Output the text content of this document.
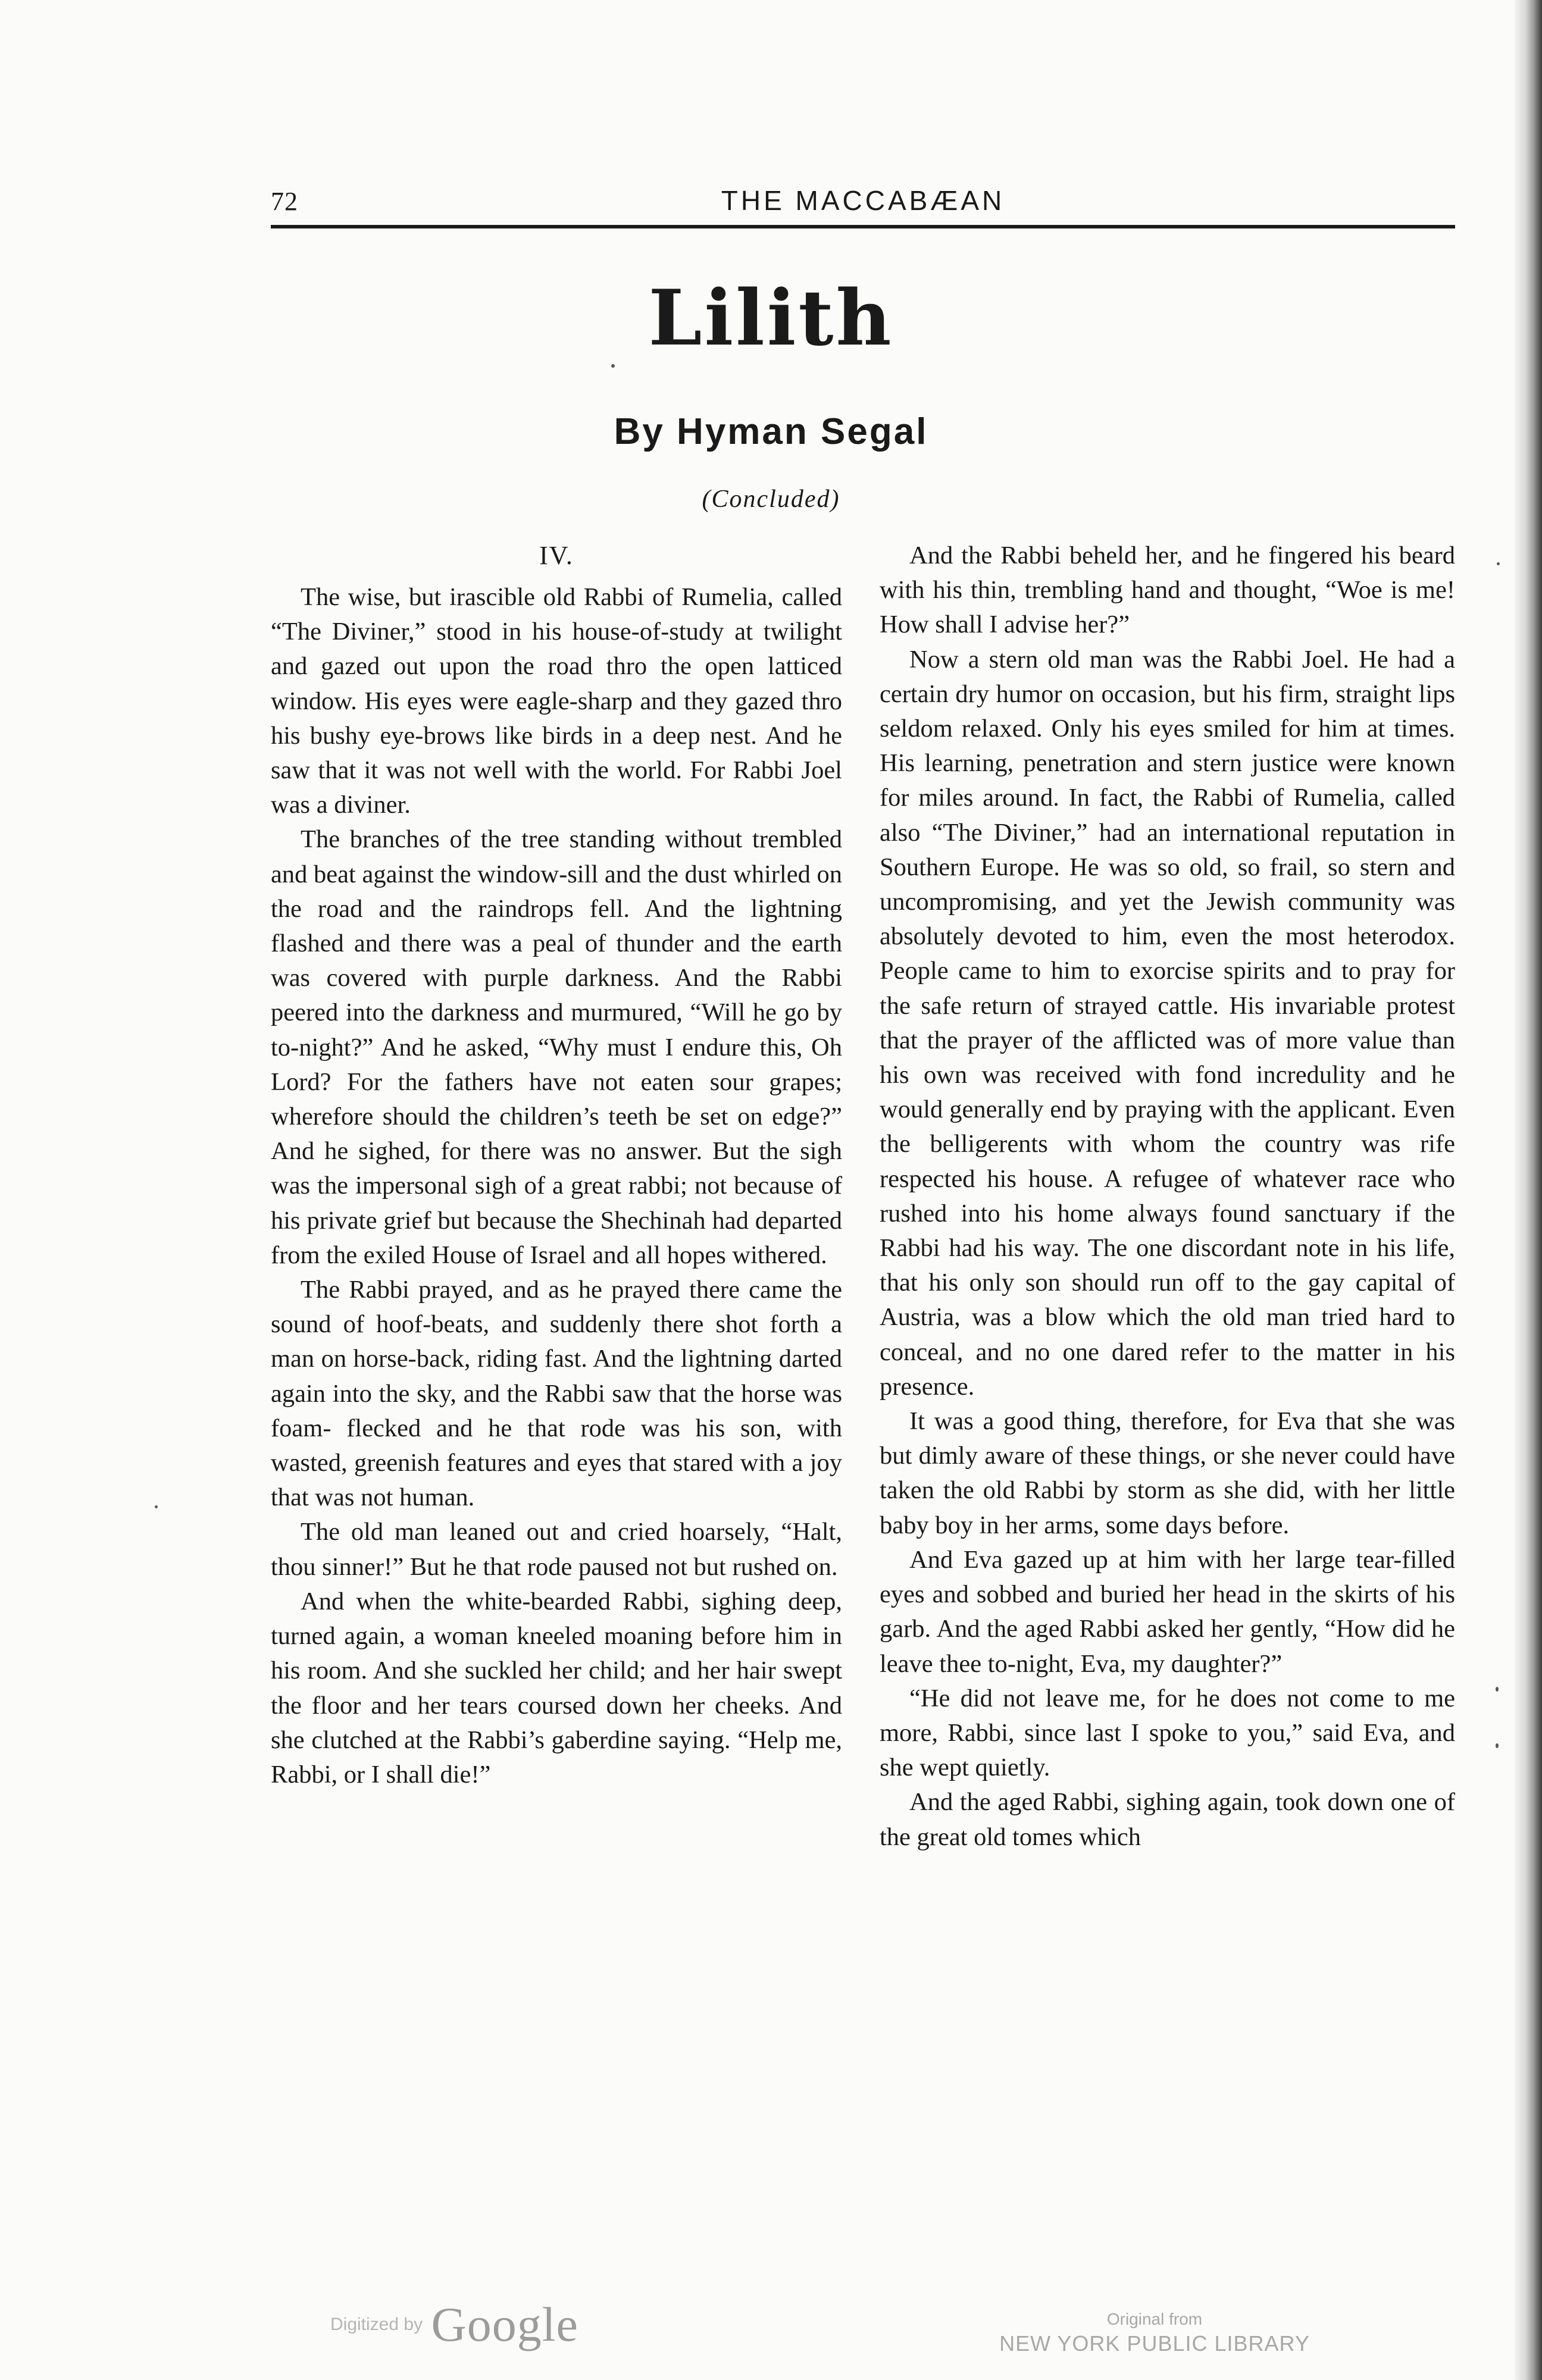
72	THE MACCABÆAN
Lilith
By Hyman Segal
(Concluded)
IV.

The wise, but irascible old Rabbi of Rumelia, called “The Diviner,” stood in his house-of-study at twilight and gazed out upon the road thro the open latticed window. His eyes were eagle-sharp and they gazed thro his bushy eye-brows like birds in a deep nest. And he saw that it was not well with the world. For Rabbi Joel was a diviner.

The branches of the tree standing without trembled and beat against the window-sill and the dust whirled on the road and the raindrops fell. And the lightning flashed and there was a peal of thunder and the earth was covered with purple darkness. And the Rabbi peered into the darkness and murmured, “Will he go by to-night?” And he asked, “Why must I endure this, Oh Lord? For the fathers have not eaten sour grapes; wherefore should the children’s teeth be set on edge?” And he sighed, for there was no answer. But the sigh was the impersonal sigh of a great rabbi; not because of his private grief but because the Shechinah had departed from the exiled House of Israel and all hopes withered.

The Rabbi prayed, and as he prayed there came the sound of hoof-beats, and suddenly there shot forth a man on horse-back, riding fast. And the lightning darted again into the sky, and the Rabbi saw that the horse was foam- flecked and he that rode was his son, with wasted, greenish features and eyes that stared with a joy that was not human.

The old man leaned out and cried hoarsely, “Halt, thou sinner!” But he that rode paused not but rushed on.

And when the white-bearded Rabbi, sighing deep, turned again, a woman kneeled moaning before him in his room. And she suckled her child; and her hair swept the floor and her tears coursed down her cheeks. And she clutched at the Rabbi’s gaberdine saying. “Help me, Rabbi, or I shall die!”

And the Rabbi beheld her, and he fingered his beard with his thin, trembling hand and thought, “Woe is me! How shall I advise her?”

Now a stern old man was the Rabbi Joel. He had a certain dry humor on occasion, but his firm, straight lips seldom relaxed. Only his eyes smiled for him at times. His learning, penetration and stern justice were known for miles around. In fact, the Rabbi of Rumelia, called also “The Diviner,” had an international reputation in Southern Europe. He was so old, so frail, so stern and uncompromising, and yet the Jewish community was absolutely devoted to him, even the most heterodox. People came to him to exorcise spirits and to pray for the safe return of strayed cattle. His invariable protest that the prayer of the afflicted was of more value than his own was received with fond incredulity and he would generally end by praying with the applicant. Even the belligerents with whom the country was rife respected his house. A refugee of whatever race who rushed into his home always found sanctuary if the Rabbi had his way. The one discordant note in his life, that his only son should run off to the gay capital of Austria, was a blow which the old man tried hard to conceal, and no one dared refer to the matter in his presence.

It was a good thing, therefore, for Eva that she was but dimly aware of these things, or she never could have taken the old Rabbi by storm as she did, with her little baby boy in her arms, some days before.

And Eva gazed up at him with her large tear-filled eyes and sobbed and buried her head in the skirts of his garb. And the aged Rabbi asked her gently, “How did he leave thee to-night, Eva, my daughter?”

“He did not leave me, for he does not come to me more, Rabbi, since last I spoke to you,” said Eva, and she wept quietly.

And the aged Rabbi, sighing again, took down one of the great old tomes which

Digitized by Google	Original from
NEW YORK PUBLIC LIBRARY
